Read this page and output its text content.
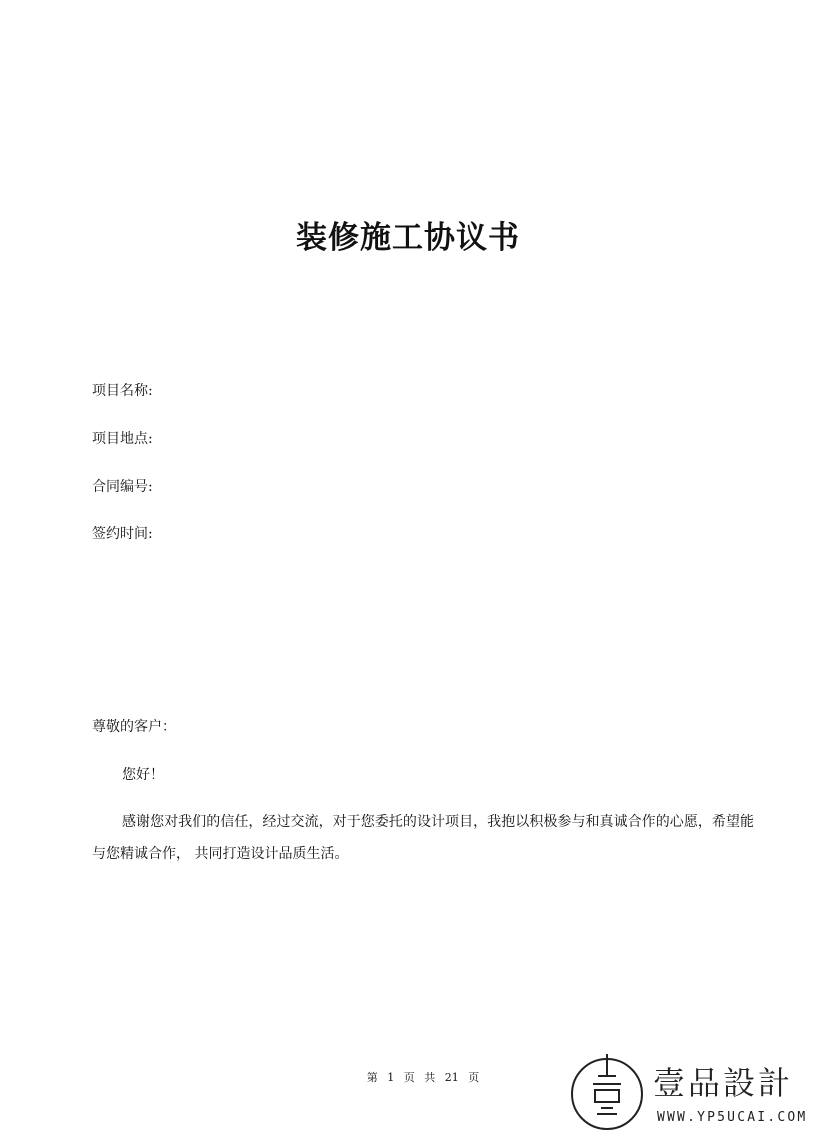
装修施工协议书
项目名称:
项目地点:
合同编号:
签约时间:
尊敬的客户：
您好！
感谢您对我们的信任，经过交流，对于您委托的设计项目，我抱以积极参与和真诚合作的心愿，希望能与您精诚合作， 共同打造设计品质生活。
第 1 页 共 21 页	壹品設計
WWW.YP5UCAI.COM
